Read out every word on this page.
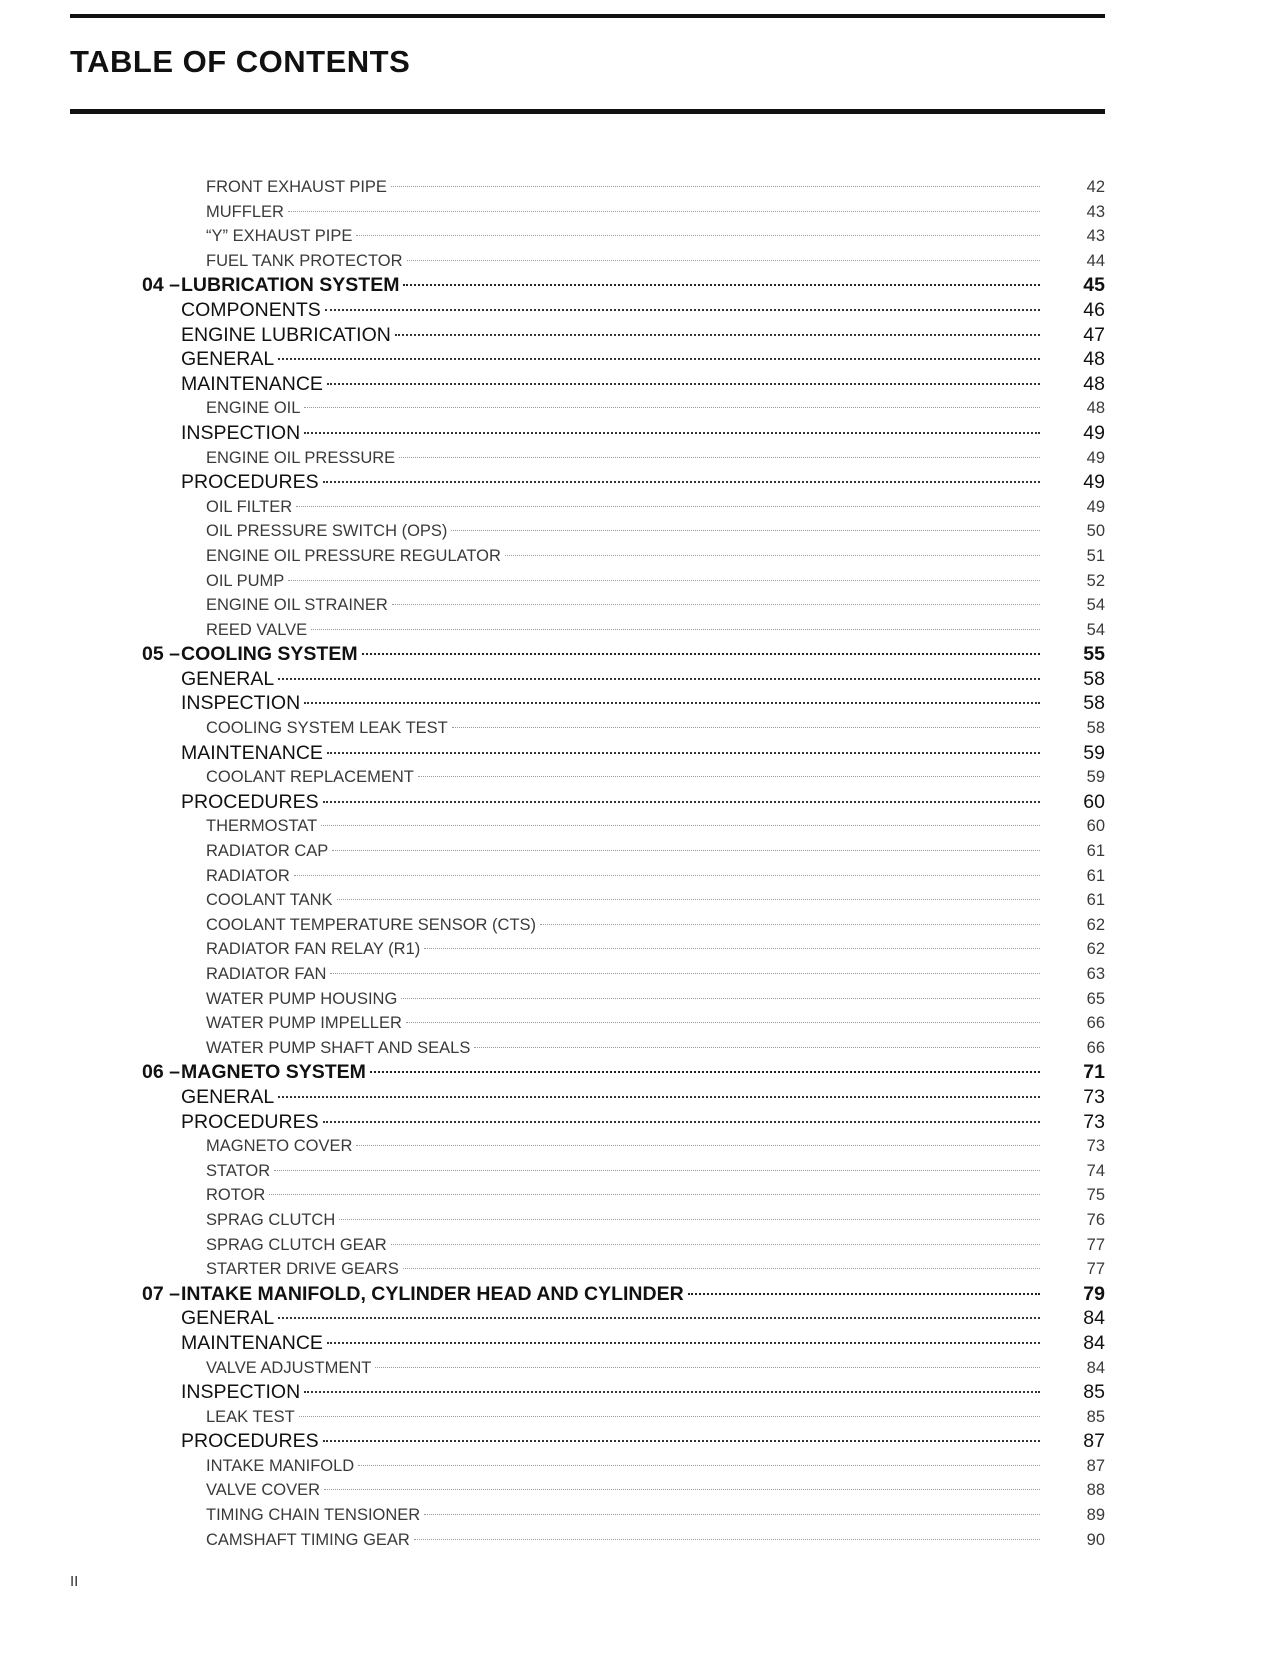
TABLE OF CONTENTS
FRONT EXHAUST PIPE	42
MUFFLER	43
“Y” EXHAUST PIPE	43
FUEL TANK PROTECTOR	44
04 – LUBRICATION SYSTEM	45
COMPONENTS	46
ENGINE LUBRICATION	47
GENERAL	48
MAINTENANCE	48
ENGINE OIL	48
INSPECTION	49
ENGINE OIL PRESSURE	49
PROCEDURES	49
OIL FILTER	49
OIL PRESSURE SWITCH (OPS)	50
ENGINE OIL PRESSURE REGULATOR	51
OIL PUMP	52
ENGINE OIL STRAINER	54
REED VALVE	54
05 – COOLING SYSTEM	55
GENERAL	58
INSPECTION	58
COOLING SYSTEM LEAK TEST	58
MAINTENANCE	59
COOLANT REPLACEMENT	59
PROCEDURES	60
THERMOSTAT	60
RADIATOR CAP	61
RADIATOR	61
COOLANT TANK	61
COOLANT TEMPERATURE SENSOR (CTS)	62
RADIATOR FAN RELAY (R1)	62
RADIATOR FAN	63
WATER PUMP HOUSING	65
WATER PUMP IMPELLER	66
WATER PUMP SHAFT AND SEALS	66
06 – MAGNETO SYSTEM	71
GENERAL	73
PROCEDURES	73
MAGNETO COVER	73
STATOR	74
ROTOR	75
SPRAG CLUTCH	76
SPRAG CLUTCH GEAR	77
STARTER DRIVE GEARS	77
07 – INTAKE MANIFOLD, CYLINDER HEAD AND CYLINDER	79
GENERAL	84
MAINTENANCE	84
VALVE ADJUSTMENT	84
INSPECTION	85
LEAK TEST	85
PROCEDURES	87
INTAKE MANIFOLD	87
VALVE COVER	88
TIMING CHAIN TENSIONER	89
CAMSHAFT TIMING GEAR	90
II
